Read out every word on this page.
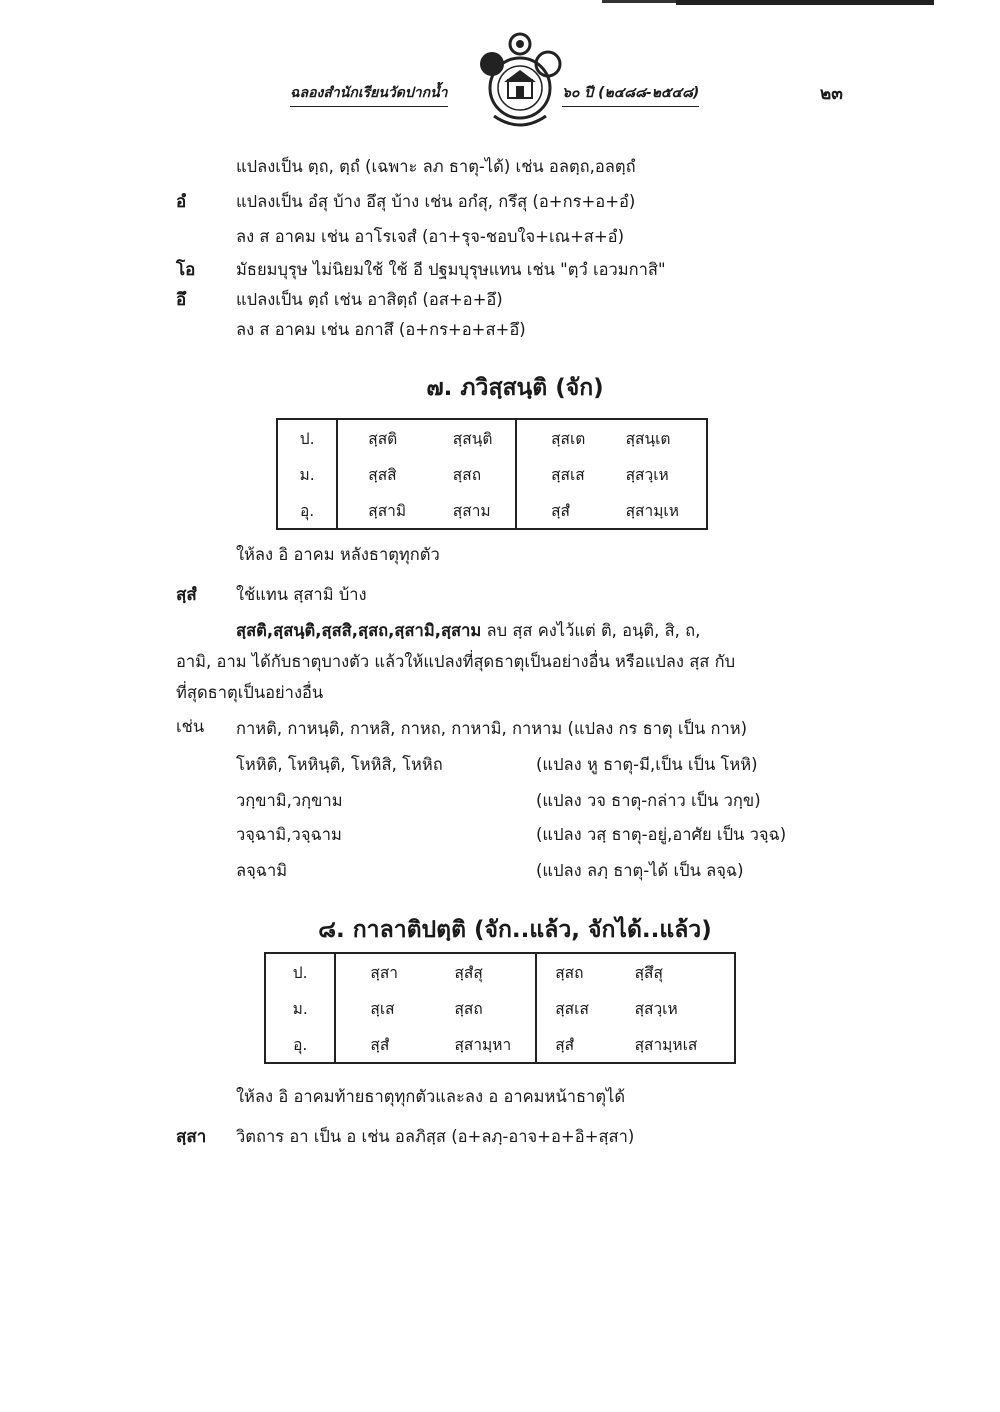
ฉลองสำนักเรียนวัดปากน้ำ	๖๐ ปี (๒๔๘๘-๒๕๔๘)	๒๓
แปลงเป็น ตฺถ, ตฺถํ (เฉพาะ ลภ ธาตุ-ได้) เช่น อลตฺถ,อลตฺถํ
อํ	แปลงเป็น อํสุ บ้าง อึสุ บ้าง เช่น อกํสุ, กรึสุ (อ+กร+อ+อํ)
ลง ส อาคม เช่น อาโรเจสํ (อา+รุจ-ชอบใจ+เณ+ส+อํ)
โอ มัธยมบุรุษ ไม่นิยมใช้ ใช้ อี ปฐมบุรุษแทน เช่น "ตฺวํ เอวมกาสิ"
อึ	แปลงเป็น ตฺถํ เช่น อาสิตฺถํ (อส+อ+อึ)
ลง ส อาคม เช่น อกาสึ (อ+กร+อ+ส+อึ)
๗. ภวิสฺสนฺติ (จัก)
ป.	สฺสติ	สฺสนฺติ	สฺสเต	สฺสนฺเต
ม.	สฺสสิ	สฺสถ	สฺสเส	สฺสวฺเห
อุ.	สฺสามิ	สฺสาม	สฺสํ	สฺสามฺเห
ให้ลง อิ อาคม หลังธาตุทุกตัว
สฺสํ ใช้แทน สฺสามิ บ้าง
สฺสติ,สฺสนฺติ,สฺสสิ,สฺสถ,สฺสามิ,สฺสาม ลบ สฺส คงไว้แต่ ติ, อนฺติ, สิ, ถ,
อามิ, อาม ได้กับธาตุบางตัว แล้วให้แปลงที่สุดธาตุเป็นอย่างอื่น หรือแปลง สฺส กับ
ที่สุดธาตุเป็นอย่างอื่น
เช่น กาหติ, กาหนฺติ, กาหสิ, กาหถ, กาหามิ, กาหาม (แปลง กร ธาตุ เป็น กาห)
โหหิติ, โหหินฺติ, โหหิสิ, โหหิถ	(แปลง หู ธาตุ-มี,เป็น เป็น โหหิ)
วกฺขามิ,วกฺขาม	(แปลง วจ ธาตุ-กล่าว เป็น วกฺข)
วจฺฉามิ,วจฺฉาม	(แปลง วสฺ ธาตุ-อยู่,อาศัย เป็น วจฺฉ)
ลจฺฉามิ	(แปลง ลภฺ ธาตุ-ได้ เป็น ลจฺฉ)
๘. กาลาติปตฺติ (จัก..แล้ว, จักได้..แล้ว)
ป.	สฺสา	สฺสํสุ	สฺสถ	สฺสึสุ
ม.	สฺเส	สฺสถ	สฺสเส	สฺสวฺเห
อุ.	สฺสํ	สฺสามฺหา	สฺสํ	สฺสามฺหเส
ให้ลง อิ อาคมท้ายธาตุทุกตัวและลง อ อาคมหน้าธาตุได้
สฺสา วิตถาร อา เป็น อ เช่น อลภิสฺส (อ+ลภฺ-อาจ+อ+อิ+สฺสา)
